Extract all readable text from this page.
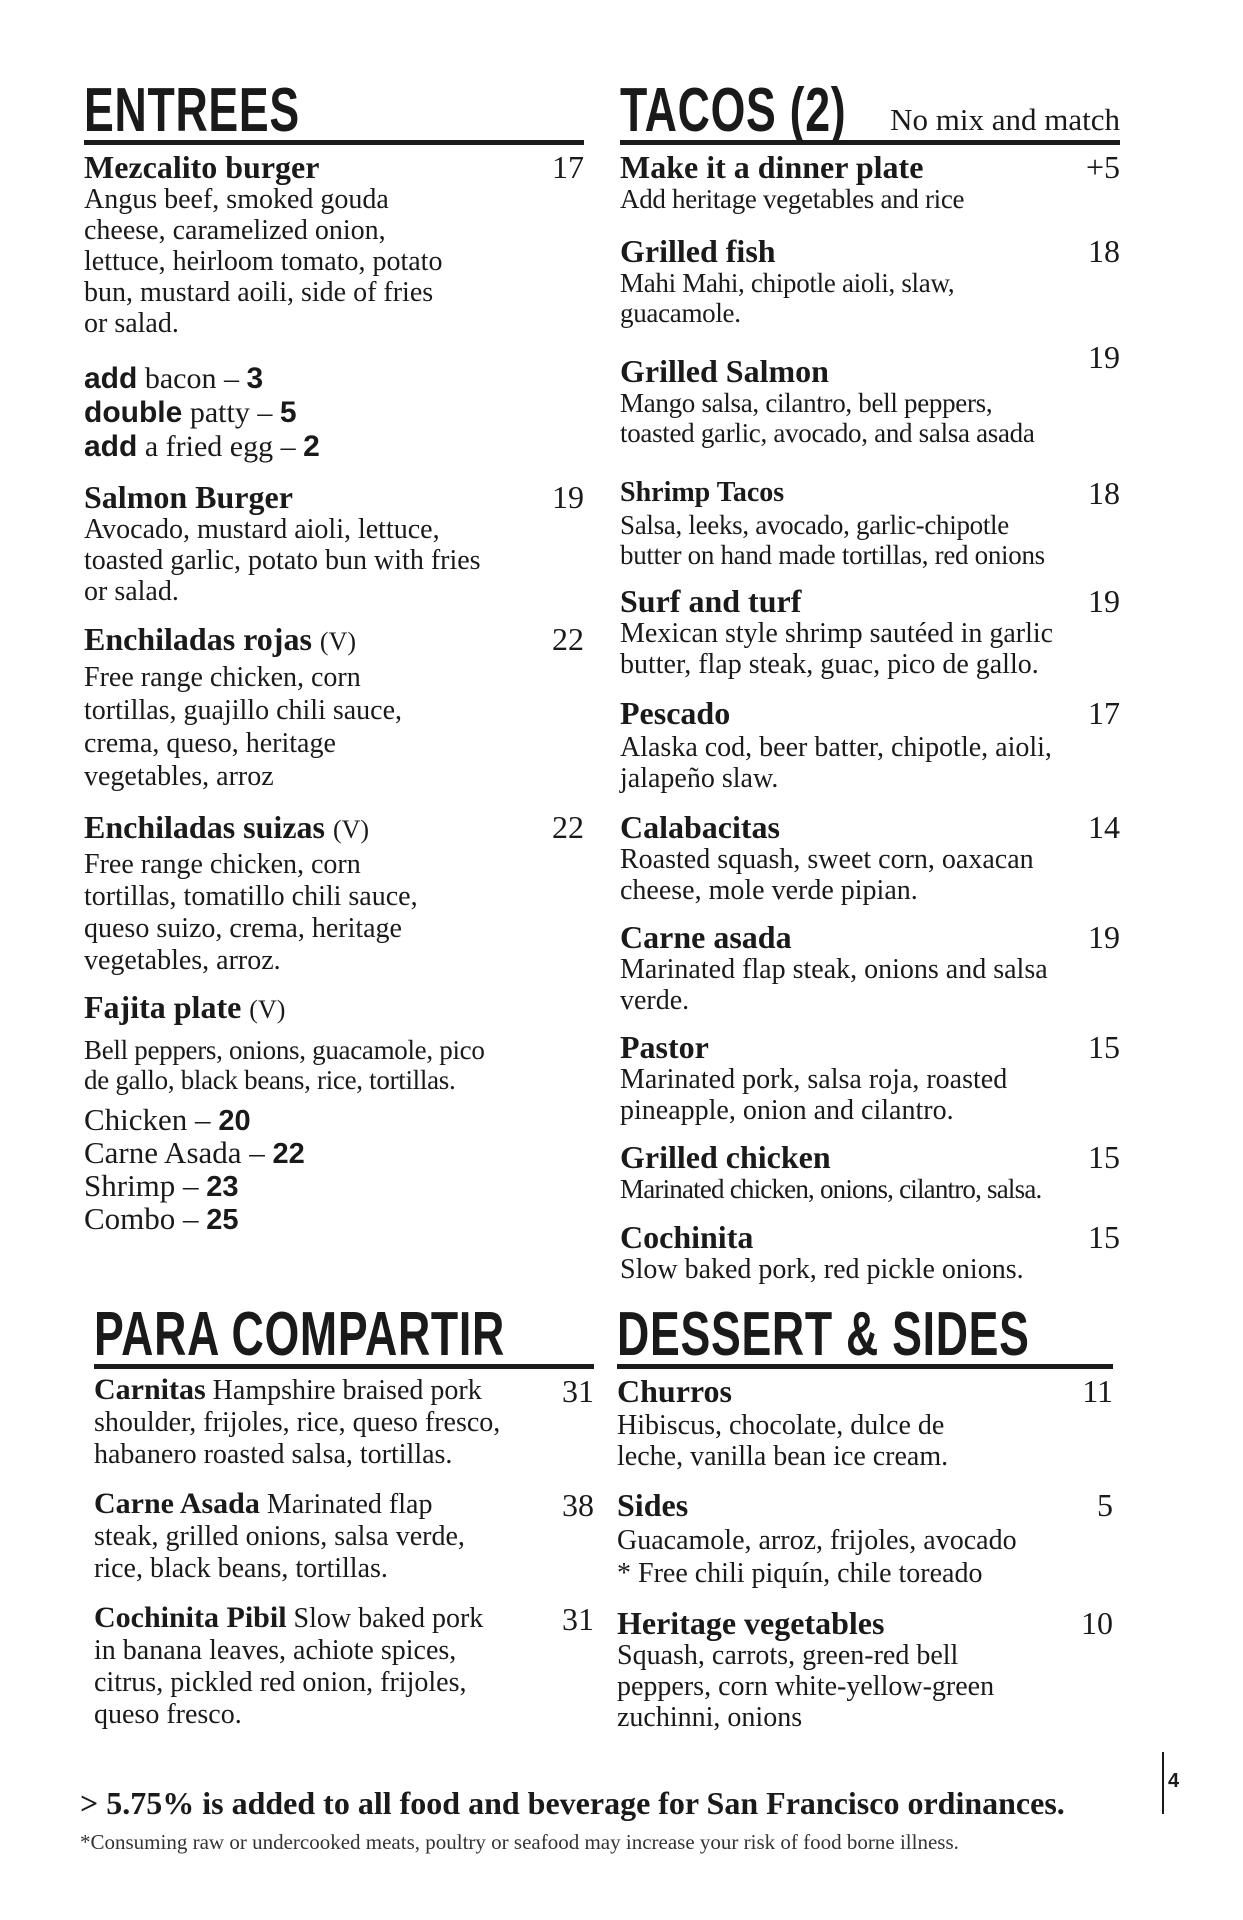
ENTREES
Mezcalito burger	17
Angus beef, smoked gouda
cheese, caramelized onion,
lettuce, heirloom tomato, potato
bun, mustard aoili, side of fries
or salad.
add bacon – 3
double patty – 5
add a fried egg – 2
Salmon Burger	19
Avocado, mustard aioli, lettuce,
toasted garlic, potato bun with fries
or salad.
Enchiladas rojas (V)	22
Free range chicken, corn
tortillas, guajillo chili sauce,
crema, queso, heritage
vegetables, arroz
Enchiladas suizas (V)	22
Free range chicken, corn
tortillas, tomatillo chili sauce,
queso suizo, crema, heritage
vegetables, arroz.
Fajita plate (V)
Bell peppers, onions, guacamole, pico
de gallo, black beans, rice, tortillas.
Chicken – 20
Carne Asada – 22
Shrimp – 23
Combo – 25
TACOS (2) No mix and match
Make it a dinner plate	+5
Add heritage vegetables and rice
Grilled fish	18
Mahi Mahi, chipotle aioli, slaw,
guacamole.
Grilled Salmon	19
Mango salsa, cilantro, bell peppers,
toasted garlic, avocado, and salsa asada
Shrimp Tacos	18
Salsa, leeks, avocado, garlic-chipotle
butter on hand made tortillas, red onions
Surf and turf	19
Mexican style shrimp sautéed in garlic
butter, flap steak, guac, pico de gallo.
Pescado	17
Alaska cod, beer batter, chipotle, aioli,
jalapeño slaw.
Calabacitas	14
Roasted squash, sweet corn, oaxacan
cheese, mole verde pipian.
Carne asada	19
Marinated flap steak, onions and salsa
verde.
Pastor	15
Marinated pork, salsa roja, roasted
pineapple, onion and cilantro.
Grilled chicken	15
Marinated chicken, onions, cilantro, salsa.
Cochinita	15
Slow baked pork, red pickle onions.
PARA COMPARTIR
Carnitas Hampshire braised pork	31
shoulder, frijoles, rice, queso fresco,
habanero roasted salsa, tortillas.
Carne Asada Marinated flap	38
steak, grilled onions, salsa verde,
rice, black beans, tortillas.
Cochinita Pibil Slow baked pork	31
in banana leaves, achiote spices,
citrus, pickled red onion, frijoles,
queso fresco.
DESSERT & SIDES
Churros	11
Hibiscus, chocolate, dulce de
leche, vanilla bean ice cream.
Sides	5
Guacamole, arroz, frijoles, avocado
* Free chili piquín, chile toreado
Heritage vegetables	10
Squash, carrots, green-red bell
peppers, corn white-yellow-green
zuchinni, onions
> 5.75% is added to all food and beverage for San Francisco ordinances.
*Consuming raw or undercooked meats, poultry or seafood may increase your risk of food borne illness.
4
